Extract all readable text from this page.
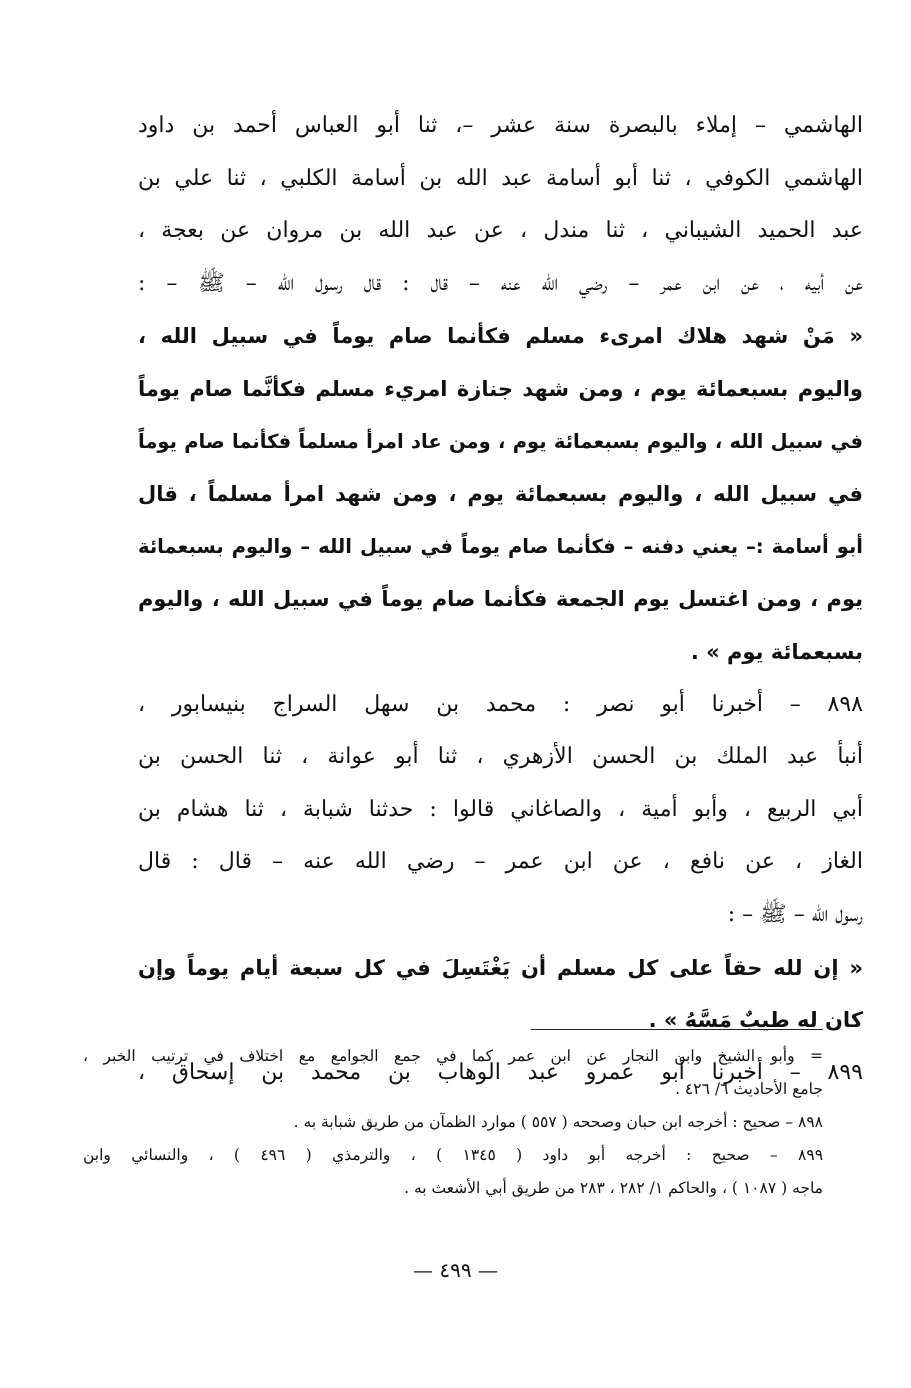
الهاشمي – إملاء بالبصرة سنة عشر –، ثنا أبو العباس أحمد بن داود
الهاشمي الكوفي ، ثنا أبو أسامة عبد الله بن أسامة الكلبي ، ثنا علي بن
عبد الحميد الشيباني ، ثنا مندل ، عن عبد الله بن مروان عن بعجة ،
عن أبيه ، عن ابن عمر – رضي الله عنه – قال : قال رسول الله – ﷺ – :
« مَنْ شهد هلاك امرىء مسلم فكأنما صام يوماً في سبيل الله ،
واليوم بسبعمائة يوم ، ومن شهد جنازة امريء مسلم فكأنَّما صام يوماً
في سبيل الله ، واليوم بسبعمائة يوم ، ومن عاد امرأ مسلماً فكأنما صام يوماً
في سبيل الله ، واليوم بسبعمائة يوم ، ومن شهد امرأ مسلماً ، قال
أبو أسامة :– يعني دفنه – فكأنما صام يوماً في سبيل الله – واليوم بسبعمائة
يوم ، ومن اغتسل يوم الجمعة فكأنما صام يوماً في سبيل الله ، واليوم
بسبعمائة يوم » .
٨٩٨ – أخبرنا أبو نصر : محمد بن سهل السراج بنيسابور ،
أنبأ عبد الملك بن الحسن الأزهري ، ثنا أبو عوانة ، ثنا الحسن بن
أبي الربيع ، وأبو أمية ، والصاغاني قالوا : حدثنا شبابة ، ثنا هشام بن
الغاز ، عن نافع ، عن ابن عمر – رضي الله عنه – قال : قال
رسول الله – ﷺ – :
« إن لله حقاً على كل مسلم أن يَغْتَسِلَ في كل سبعة أيام يوماً وإن
كان له طيبٌ مَسَّهُ » .
٨٩٩ – أخبرنا أبو عمرو عبد الوهاب بن محمد بن إسحاق ،
= وأبو الشيخ وابن النجار عن ابن عمر كما في جمع الجوامع مع اختلاف في ترتيب الخبر ،
جامع الأحاديث ٦/ ٤٢٦ .
٨٩٨ – صحيح : أخرجه ابن حبان وصححه ( ٥٥٧ ) موارد الظمآن من طريق شبابة به .
٨٩٩ – صحيح : أخرجه أبو داود ( ١٣٤٥ ) ، والترمذي ( ٤٩٦ ) ، والنسائي وابن
ماجه ( ١٠٨٧ ) ، والحاكم ١/ ٢٨٢ ، ٢٨٣ من طريق أبي الأشعث به .
— ٤٩٩ —
